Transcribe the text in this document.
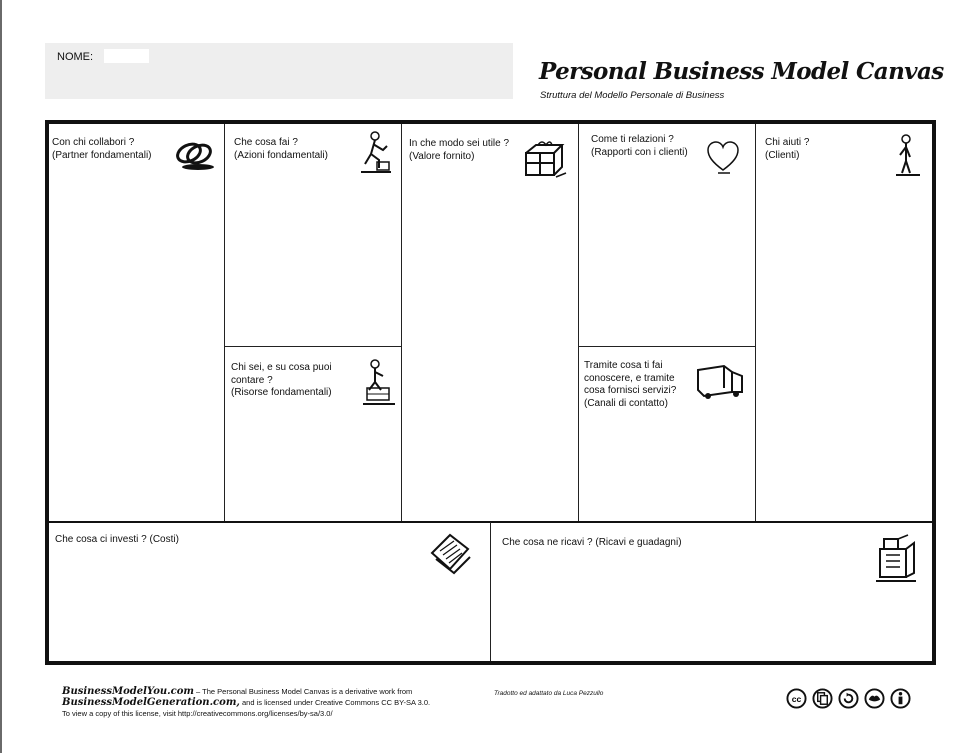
NOME:
Personal Business Model Canvas
Struttura del Modello Personale di Business
Con chi collabori ?
(Partner fondamentali)
Che cosa fai ?
(Azioni fondamentali)
Chi sei, e su cosa puoi
contare ?
(Risorse fondamentali)
In che modo sei utile ?
(Valore fornito)
Come ti relazioni ?
(Rapporti con i clienti)
Tramite cosa ti fai
conoscere, e tramite
cosa fornisci servizi?
(Canali di contatto)
Chi aiuti ?
(Clienti)
Che cosa ci investi ? (Costi)	Che cosa ne ricavi ? (Ricavi e guadagni)
BusinessModelYou.com – The Personal Business Model Canvas is a derivative work from
BusinessModelGeneration.com, and is licensed under Creative Commons CC BY-SA 3.0.
To view a copy of this license, visit http://creativecommons.org/licenses/by-sa/3.0/
Tradotto ed adattato da Luca Pezzullo
cc
